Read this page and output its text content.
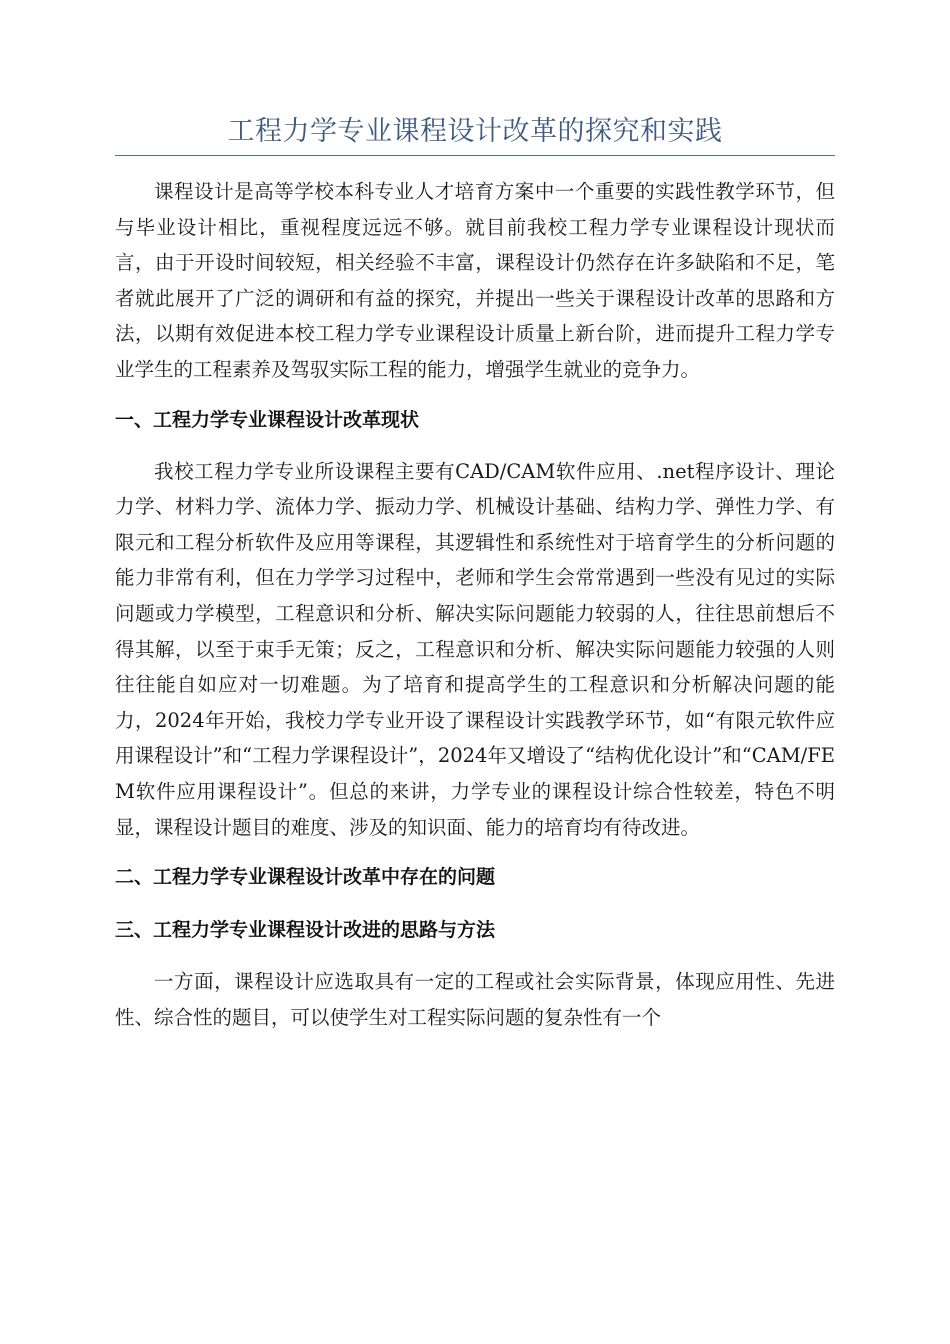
工程力学专业课程设计改革的探究和实践

课程设计是高等学校本科专业人才培育方案中一个重要的实践性教学环节，但与毕业设计相比，重视程度远远不够。就目前我校工程力学专业课程设计现状而言，由于开设时间较短，相关经验不丰富，课程设计仍然存在许多缺陷和不足，笔者就此展开了广泛的调研和有益的探究，并提出一些关于课程设计改革的思路和方法，以期有效促进本校工程力学专业课程设计质量上新台阶，进而提升工程力学专业学生的工程素养及驾驭实际工程的能力，增强学生就业的竞争力。

一、工程力学专业课程设计改革现状

我校工程力学专业所设课程主要有CAD/CAM软件应用、.net程序设计、理论力学、材料力学、流体力学、振动力学、机械设计基础、结构力学、弹性力学、有限元和工程分析软件及应用等课程，其逻辑性和系统性对于培育学生的分析问题的能力非常有利，但在力学学习过程中，老师和学生会常常遇到一些没有见过的实际问题或力学模型，工程意识和分析、解决实际问题能力较弱的人，往往思前想后不得其解，以至于束手无策；反之，工程意识和分析、解决实际问题能力较强的人则往往能自如应对一切难题。为了培育和提高学生的工程意识和分析解决问题的能力，2024年开始，我校力学专业开设了课程设计实践教学环节，如“有限元软件应用课程设计”和“工程力学课程设计”，2024年又增设了“结构优化设计”和“CAM/FEM软件应用课程设计”。但总的来讲，力学专业的课程设计综合性较差，特色不明显，课程设计题目的难度、涉及的知识面、能力的培育均有待改进。

二、工程力学专业课程设计改革中存在的问题
三、工程力学专业课程设计改进的思路与方法

一方面，课程设计应选取具有一定的工程或社会实际背景，体现应用性、先进性、综合性的题目，可以使学生对工程实际问题的复杂性有一个
